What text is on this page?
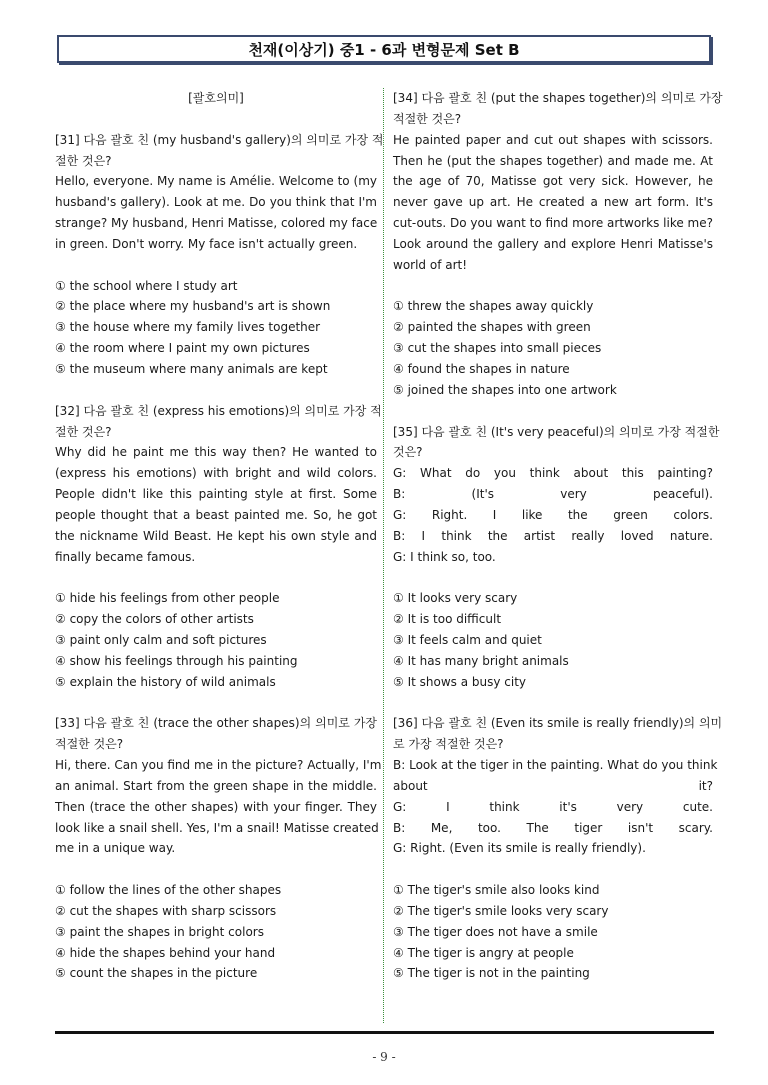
천재(이상기) 중1 - 6과 변형문제 Set B
[괄호의미]
[31] 다음 괄호 친 (my husband's gallery)의 의미로 가장 적
절한 것은?
Hello, everyone. My name is Amélie. Welcome to (my
husband's gallery). Look at me. Do you think that I'm
strange? My husband, Henri Matisse, colored my face
in green. Don't worry. My face isn't actually green.
① the school where I study art
② the place where my husband's art is shown
③ the house where my family lives together
④ the room where I paint my own pictures
⑤ the museum where many animals are kept
[32] 다음 괄호 친 (express his emotions)의 의미로 가장 적
절한 것은?
Why did he paint me this way then? He wanted to
(express his emotions) with bright and wild colors.
People didn't like this painting style at first. Some
people thought that a beast painted me. So, he got
the nickname Wild Beast. He kept his own style and
finally became famous.
① hide his feelings from other people
② copy the colors of other artists
③ paint only calm and soft pictures
④ show his feelings through his painting
⑤ explain the history of wild animals
[33] 다음 괄호 친 (trace the other shapes)의 의미로 가장
적절한 것은?
Hi, there. Can you find me in the picture? Actually, I'm
an animal. Start from the green shape in the middle.
Then (trace the other shapes) with your finger. They
look like a snail shell. Yes, I'm a snail! Matisse created
me in a unique way.
① follow the lines of the other shapes
② cut the shapes with sharp scissors
③ paint the shapes in bright colors
④ hide the shapes behind your hand
⑤ count the shapes in the picture
[34] 다음 괄호 친 (put the shapes together)의 의미로 가장
적절한 것은?
He painted paper and cut out shapes with scissors.
Then he (put the shapes together) and made me. At
the age of 70, Matisse got very sick. However, he
never gave up art. He created a new art form. It's
cut-outs. Do you want to find more artworks like me?
Look around the gallery and explore Henri Matisse's
world of art!
① threw the shapes away quickly
② painted the shapes with green
③ cut the shapes into small pieces
④ found the shapes in nature
⑤ joined the shapes into one artwork
[35] 다음 괄호 친 (It's very peaceful)의 의미로 가장 적절한
것은?
G: What do you think about this painting?
B: (It's very peaceful).
G: Right. I like the green colors.
B: I think the artist really loved nature.
G: I think so, too.
① It looks very scary
② It is too difficult
③ It feels calm and quiet
④ It has many bright animals
⑤ It shows a busy city
[36] 다음 괄호 친 (Even its smile is really friendly)의 의미
로 가장 적절한 것은?
B: Look at the tiger in the painting. What do you think
about it?
G: I think it's very cute.
B: Me, too. The tiger isn't scary.
G: Right. (Even its smile is really friendly).
① The tiger's smile also looks kind
② The tiger's smile looks very scary
③ The tiger does not have a smile
④ The tiger is angry at people
⑤ The tiger is not in the painting
- 9 -
